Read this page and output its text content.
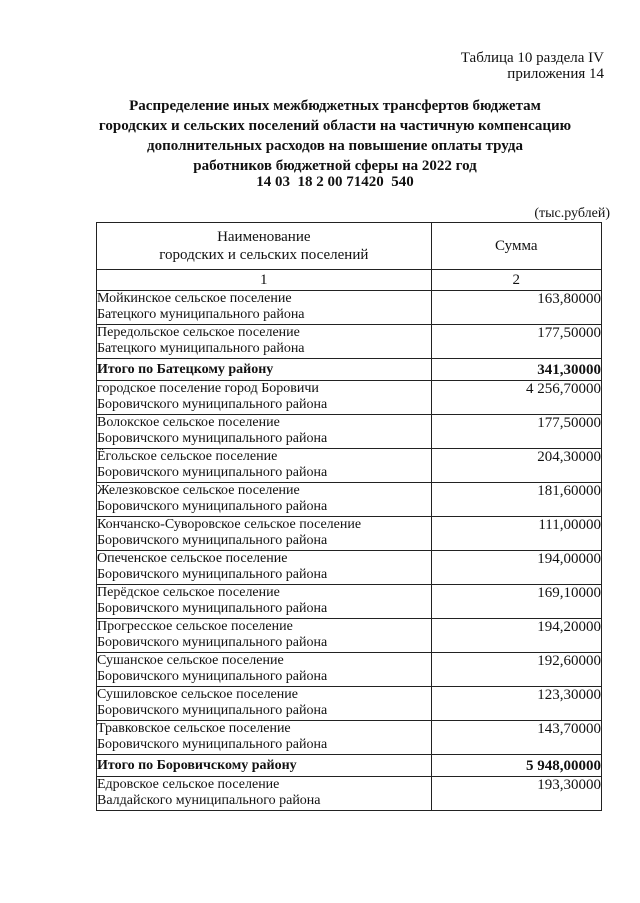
Таблица 10 раздела IV
приложения 14
Распределение иных межбюджетных трансфертов бюджетам
городских и сельских поселений области на частичную компенсацию
дополнительных расходов на повышение оплаты труда
работников бюджетной сферы на 2022 год
14 03  18 2 00 71420  540
(тыс.рублей)
Наименование
городских и сельских поселений	Сумма
1	2

Мойкинское сельское поселение
Батецкого муниципального района	163,80000

Передольское сельское поселение
Батецкого муниципального района	177,50000
Итого по Батецкому району	341,30000

городское поселение город Боровичи
Боровичского муниципального района	4 256,70000

Волокское сельское поселение
Боровичского муниципального района	177,50000

Ёгольское сельское поселение
Боровичского муниципального района	204,30000

Железковское сельское поселение
Боровичского муниципального района	181,60000

Кончанско-Суворовское сельское поселение
Боровичского муниципального района	111,00000

Опеченское сельское поселение
Боровичского муниципального района	194,00000

Перёдское сельское поселение
Боровичского муниципального района	169,10000

Прогресское сельское поселение
Боровичского муниципального района	194,20000

Сушанское сельское поселение
Боровичского муниципального района	192,60000

Сушиловское сельское поселение
Боровичского муниципального района	123,30000

Травковское сельское поселение
Боровичского муниципального района	143,70000
Итого по Боровичскому району	5 948,00000

Едровское сельское поселение
Валдайского муниципального района	193,30000
